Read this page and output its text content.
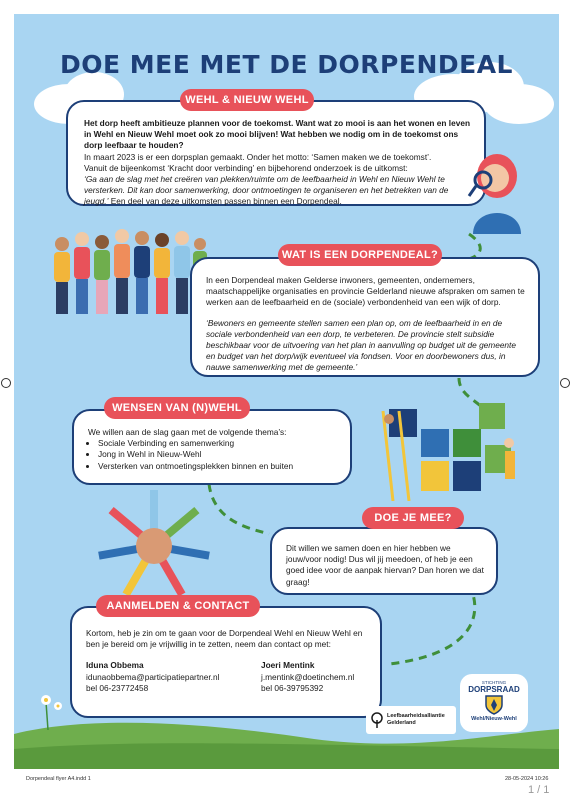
DOE MEE MET DE DORPENDEAL

Het dorp heeft ambitieuze plannen voor de toekomst. Want wat zo mooi is aan het wonen en leven in Wehl en Nieuw Wehl moet ook zo mooi blijven! Wat hebben we nodig om in de toekomst ons dorp leefbaar te houden?

In maart 2023 is er een dorpsplan gemaakt. Onder het motto: ‘Samen maken we de toekomst’.

Vanuit de bijeenkomst ‘Kracht door verbinding’ en bijbehorend onderzoek is de uitkomst:

‘Ga aan de slag met het creëren van plekken/ruimte om de leefbaarheid in Wehl en Nieuw Wehl te versterken. Dit kan door samenwerking, door ontmoetingen te organiseren en het betrekken van de jeugd.’ Een deel van deze uitkomsten passen binnen een Dorpendeal.

WEHL & NIEUW WEHL

In een Dorpendeal maken Gelderse inwoners, gemeenten, ondernemers, maatschappelijke organisaties en provincie Gelderland nieuwe afspraken om samen te werken aan de leefbaarheid en de (sociale) verbondenheid van een wijk of dorp.

‘Bewoners en gemeente stellen samen een plan op, om de leefbaarheid in en de sociale verbondenheid van een dorp, te verbeteren. De provincie stelt subsidie beschikbaar voor de uitvoering van het plan in aanvulling op budget uit de gemeente en budget van het dorp/wijk eventueel via fondsen. Voor en doorbewoners dus, in nauwe samenwerking met de gemeente.’

WAT IS EEN DORPENDEAL?

We willen aan de slag gaan met de volgende thema’s:

• Sociale Verbinding en samenwerking
• Jong in Wehl in Nieuw-Wehl
• Versterken van ontmoetingsplekken binnen en buiten
WENSEN VAN (N)WEHL

Dit willen we samen doen en hier hebben we jouw/voor nodig! Dus wil jij meedoen, of heb je een goed idee voor de aanpak hiervan? Dan horen we dat graag!

DOE JE MEE?

Kortom, heb je zin om te gaan voor de Dorpendeal Wehl en Nieuw Wehl en ben je bereid om je vrijwillig in te zetten, neem dan contact op met:

Iduna Obbema

idunaobbema@participatiepartner.nl

bel 06-23772458

Joeri Mentink

j.mentink@doetinchem.nl

bel 06-39795392

AANMELDEN & CONTACT
Leefbaarheidsalliantie Gelderland
STICHTING
DORPSRAAD
Wehl/Nieuw-Wehl
Dorpendeal flyer A4.indd 1	28-05-2024 10:26
1 / 1
